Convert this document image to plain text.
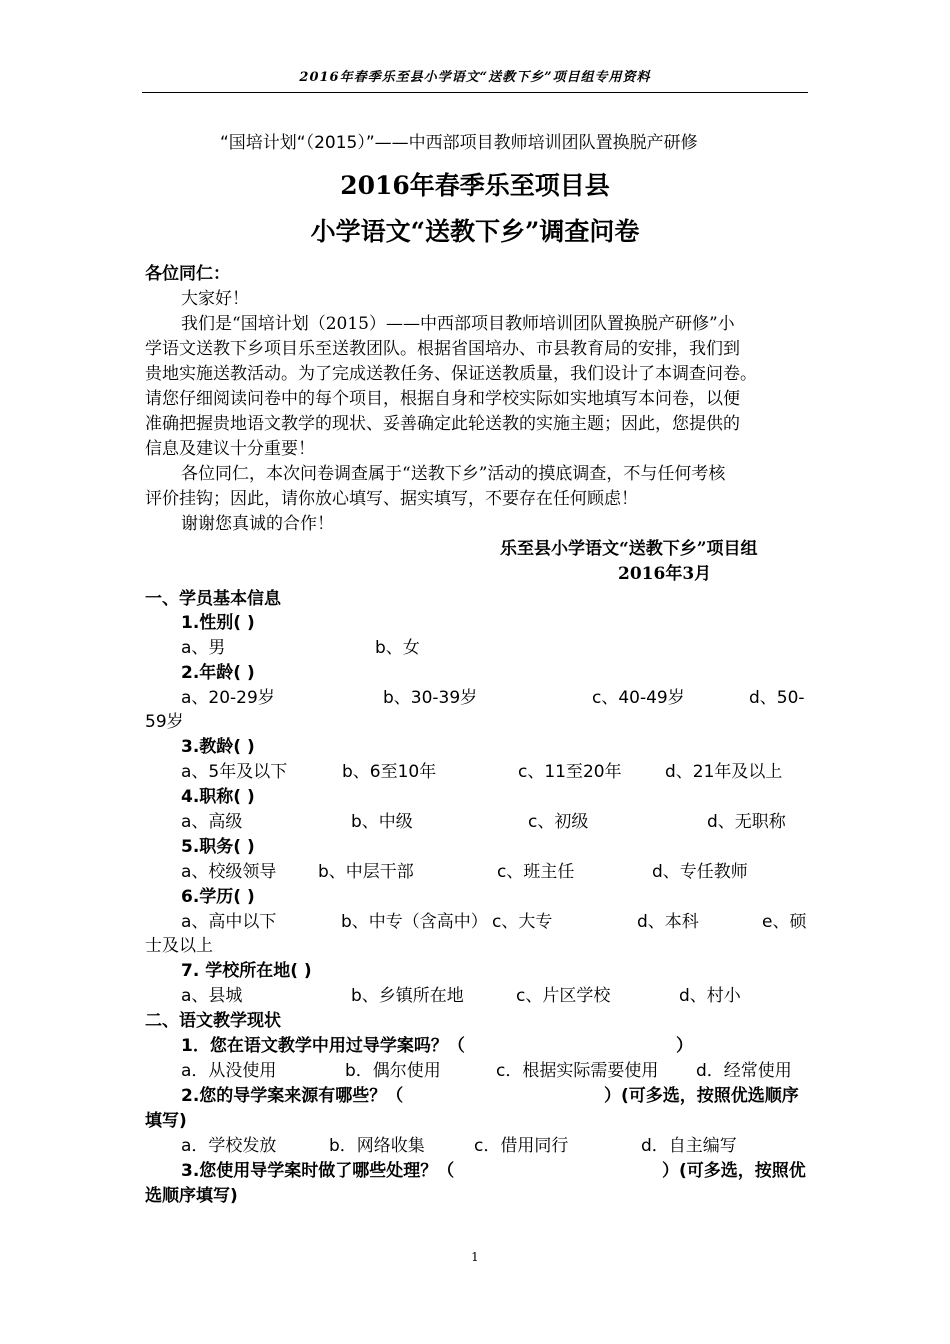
2016年春季乐至县小学语文“送教下乡”项目组专用资料
“国培计划“（2015）”——中西部项目教师培训团队置换脱产研修
2016年春季乐至项目县
小学语文“送教下乡”调查问卷
各位同仁：
大家好！
我们是“国培计划（2015）——中西部项目教师培训团队置换脱产研修”小
学语文送教下乡项目乐至送教团队。根据省国培办、市县教育局的安排，我们到
贵地实施送教活动。为了完成送教任务、保证送教质量，我们设计了本调查问卷。
请您仔细阅读问卷中的每个项目，根据自身和学校实际如实地填写本问卷，以便
准确把握贵地语文教学的现状、妥善确定此轮送教的实施主题；因此，您提供的
信息及建议十分重要！
各位同仁，本次问卷调查属于“送教下乡”活动的摸底调查，不与任何考核
评价挂钩；因此，请你放心填写、据实填写，不要存在任何顾虑！
谢谢您真诚的合作！
乐至县小学语文“送教下乡”项目组
2016年3月
一、学员基本信息
1.性别( )
a、男	b、女
2.年龄( )
a、20-29岁	b、30-39岁	c、40-49岁	d、50-
59岁
3.教龄( )
a、5年及以下	b、6至10年	c、11至20年	d、21年及以上
4.职称( )
a、高级	b、中级	c、初级	d、无职称
5.职务( )
a、校级领导 b、中层干部	c、班主任	d、专任教师
6.学历( )
a、高中以下	b、中专（含高中） c、大专	d、本科	e、硕
士及以上
7. 学校所在地( )
a、县城	b、乡镇所在地	c、片区学校	d、村小
二、语文教学现状
1．您在语文教学中用过导学案吗？（	）
a．从没使用	b．偶尔使用	c．根据实际需要使用 d．经常使用
2.您的导学案来源有哪些？（	）(可多选，按照优选顺序
填写)
a．学校发放	b．网络收集	c．借用同行	d．自主编写
3.您使用导学案时做了哪些处理？（	）(可多选，按照优
选顺序填写)
1
